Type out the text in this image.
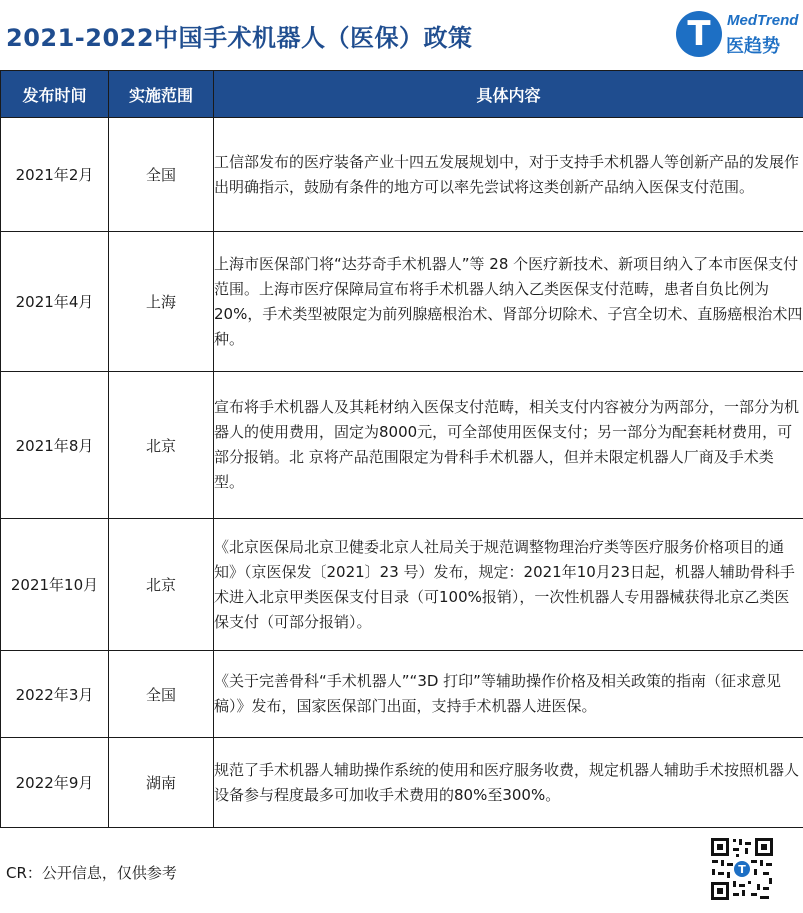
2021-2022中国手术机器人（医保）政策	T	MedTrend
医趋势
发布时间	实施范围	具体内容
2021年2月	全国	工信部发布的医疗装备产业十四五发展规划中，对于支持手术机器人等创新产品的发展作出明确指示，鼓励有条件的地方可以率先尝试将这类创新产品纳入医保支付范围。
2021年4月	上海	上海市医保部门将“达芬奇手术机器人”等 28 个医疗新技术、新项目纳入了本市医保支付范围。上海市医疗保障局宣布将手术机器人纳入乙类医保支付范畴，患者自负比例为 20%，手术类型被限定为前列腺癌根治术、肾部分切除术、子宫全切术、直肠癌根治术四种。
2021年8月	北京	宣布将手术机器人及其耗材纳入医保支付范畴，相关支付内容被分为两部分，一部分为机器人的使用费用，固定为8000元，可全部使用医保支付；另一部分为配套耗材费用，可部分报销。北 京将产品范围限定为骨科手术机器人，但并未限定机器人厂商及手术类型。
2021年10月	北京	《北京医保局北京卫健委北京人社局关于规范调整物理治疗类等医疗服务价格项目的通知》（京医保发〔2021〕23 号）发布，规定：2021年10月23日起，机器人辅助骨科手术进入北京甲类医保支付目录（可100%报销），一次性机器人专用器械获得北京乙类医保支付（可部分报销）。
2022年3月	全国	《关于完善骨科“手术机器人”“3D 打印”等辅助操作价格及相关政策的指南（征求意见稿）》发布，国家医保部门出面，支持手术机器人进医保。
2022年9月	湖南	规范了手术机器人辅助操作系统的使用和医疗服务收费，规定机器人辅助手术按照机器人设备参与程度最多可加收手术费用的80%至300%。
CR：公开信息，仅供参考	T
